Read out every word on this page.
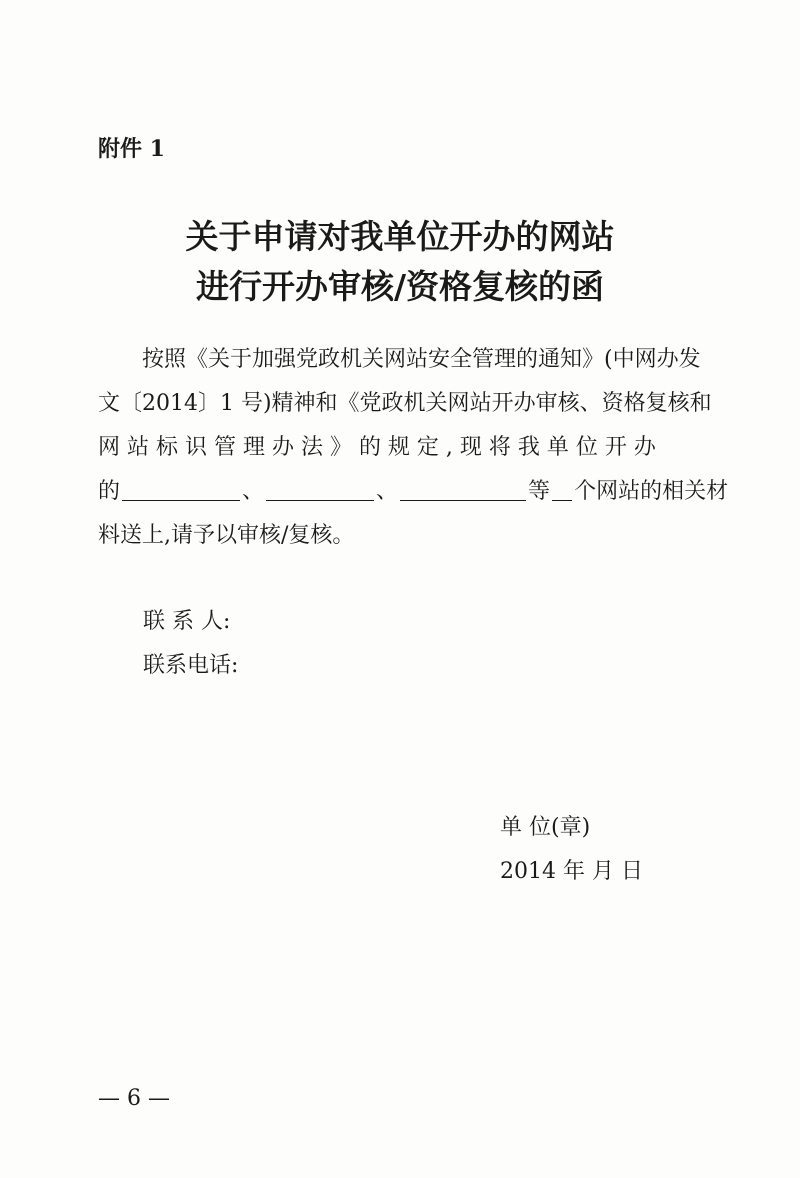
附件 1
关于申请对我单位开办的网站
进行开办审核/资格复核的函
按照《关于加强党政机关网站安全管理的通知》(中网办发
文〔2014〕1 号)精神和《党政机关网站开办审核、资格复核和
网 站 标 识 管 理 办 法 》 的 规 定 , 现 将 我 单 位 开 办
的	、	、	等 个网站的相关材
料送上,请予以审核/复核。
联 系 人:
联系电话:
单 位(章)
2014 年 月 日
— 6 —
